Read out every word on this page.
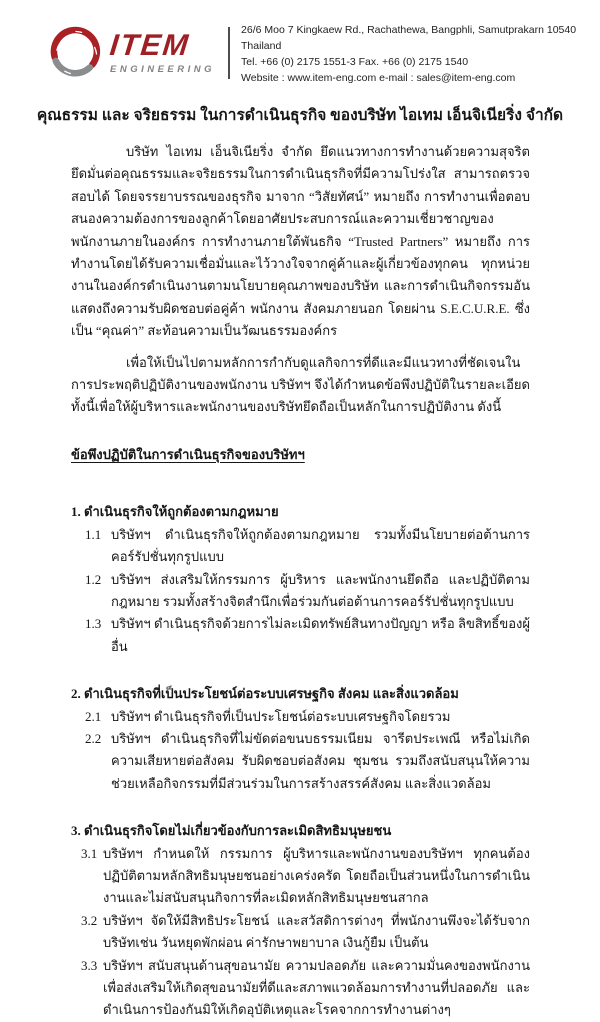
ITEM
ENGINEERING
26/6 Moo 7 Kingkaew Rd., Rachathewa, Bangphli, Samutprakarn 10540 Thailand
Tel. +66 (0) 2175 1551-3 Fax. +66 (0) 2175 1540
Website : www.item-eng.com e-mail : sales@item-eng.com
คุณธรรม และ จริยธรรม ในการดำเนินธุรกิจ ของบริษัท ไอเทม เอ็นจิเนียริ่ง จำกัด

บริษัท ไอเทม เอ็นจิเนียริ่ง จำกัด ยึดแนวทางการทำงานด้วยความสุจริต ยึดมั่นต่อคุณธรรมและจริยธรรมในการดำเนินธุรกิจที่มีความโปร่งใส สามารถตรวจสอบได้ โดยจรรยาบรรณของธุรกิจ มาจาก “วิสัยทัศน์” หมายถึง การทำงานเพื่อตอบสนองความต้องการของลูกค้าโดยอาศัยประสบการณ์และความเชี่ยวชาญของพนักงานภายในองค์กร การทำงานภายใต้พันธกิจ “Trusted Partners” หมายถึง การทำงานโดยได้รับความเชื่อมั่นและไว้วางใจจากคู่ค้าและผู้เกี่ยวข้องทุกคน ทุกหน่วยงานในองค์กรดำเนินงานตามนโยบายคุณภาพของบริษัท และการดำเนินกิจกรรมอันแสดงถึงความรับผิดชอบต่อคู่ค้า พนักงาน สังคมภายนอก โดยผ่าน S.E.C.U.R.E. ซึ่งเป็น “คุณค่า” สะท้อนความเป็นวัฒนธรรมองค์กร

เพื่อให้เป็นไปตามหลักการกำกับดูแลกิจการที่ดีและมีแนวทางที่ชัดเจนในการประพฤติปฏิบัติงานของพนักงาน บริษัทฯ จึงได้กำหนดข้อพึงปฏิบัติในรายละเอียด ทั้งนี้เพื่อให้ผู้บริหารและพนักงานของบริษัทยึดถือเป็นหลักในการปฏิบัติงาน ดังนี้

ข้อพึงปฏิบัติในการดำเนินธุรกิจของบริษัทฯ
1. ดำเนินธุรกิจให้ถูกต้องตามกฎหมาย
1.1 บริษัทฯ ดำเนินธุรกิจให้ถูกต้องตามกฎหมาย รวมทั้งมีนโยบายต่อต้านการคอร์รัปชั่นทุกรูปแบบ
1.2 บริษัทฯ ส่งเสริมให้กรรมการ ผู้บริหาร และพนักงานยึดถือ และปฏิบัติตามกฎหมาย รวมทั้งสร้างจิตสำนึกเพื่อร่วมกันต่อต้านการคอร์รัปชั่นทุกรูปแบบ
1.3 บริษัทฯ ดำเนินธุรกิจด้วยการไม่ละเมิดทรัพย์สินทางปัญญา หรือ ลิขสิทธิ์ของผู้อื่น
2. ดำเนินธุรกิจที่เป็นประโยชน์ต่อระบบเศรษฐกิจ สังคม และสิ่งแวดล้อม
2.1 บริษัทฯ ดำเนินธุรกิจที่เป็นประโยชน์ต่อระบบเศรษฐกิจโดยรวม
2.2 บริษัทฯ ดำเนินธุรกิจที่ไม่ขัดต่อขนบธรรมเนียม จารีตประเพณี หรือไม่เกิดความเสียหายต่อสังคม รับผิดชอบต่อสังคม ชุมชน รวมถึงสนับสนุนให้ความช่วยเหลือกิจกรรมที่มีส่วนร่วมในการสร้างสรรค์สังคม และสิ่งแวดล้อม
3. ดำเนินธุรกิจโดยไม่เกี่ยวข้องกับการละเมิดสิทธิมนุษยชน
3.1 บริษัทฯ กำหนดให้ กรรมการ ผู้บริหารและพนักงานของบริษัทฯ ทุกคนต้องปฏิบัติตามหลักสิทธิมนุษยชนอย่างเคร่งครัด โดยถือเป็นส่วนหนึ่งในการดำเนินงานและไม่สนับสนุนกิจการที่ละเมิดหลักสิทธิมนุษยชนสากล
3.2 บริษัทฯ จัดให้มีสิทธิประโยชน์ และสวัสดิการต่างๆ ที่พนักงานพึงจะได้รับจากบริษัทเช่น วันหยุดพักผ่อน ค่ารักษาพยาบาล เงินกู้ยืม เป็นต้น
3.3 บริษัทฯ สนับสนุนด้านสุขอนามัย ความปลอดภัย และความมั่นคงของพนักงาน เพื่อส่งเสริมให้เกิดสุขอนามัยที่ดีและสภาพแวดล้อมการทำงานที่ปลอดภัย และดำเนินการป้องกันมิให้เกิดอุบัติเหตุและโรคจากการทำงานต่างๆ
